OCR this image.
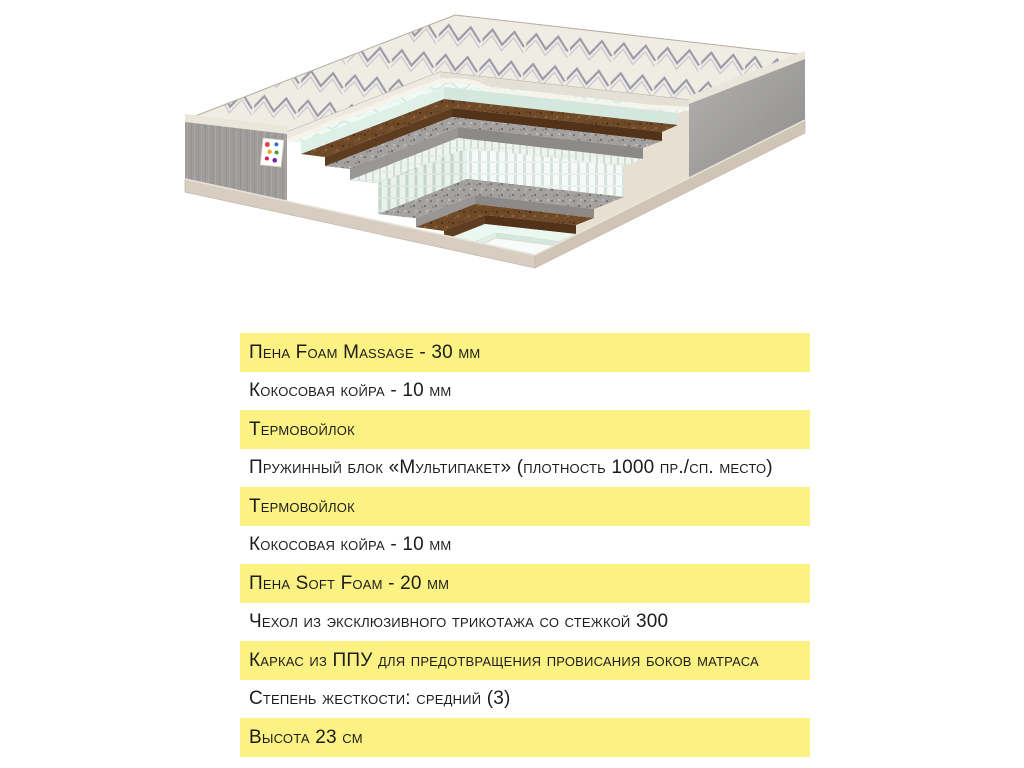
Пена Foam Massage - 30 мм
Кокосовая койра - 10 мм
Термовойлок
Пружинный блок «Мультипакет» (плотность 1000 пр./сп. место)
Термовойлок
Кокосовая койра - 10 мм
Пена Soft Foam - 20 мм
Чехол из эксклюзивного трикотажа со стежкой 300
Каркас из ППУ для предотвращения провисания боков матраса
Степень жесткости: средний (3)
Высота 23 см
